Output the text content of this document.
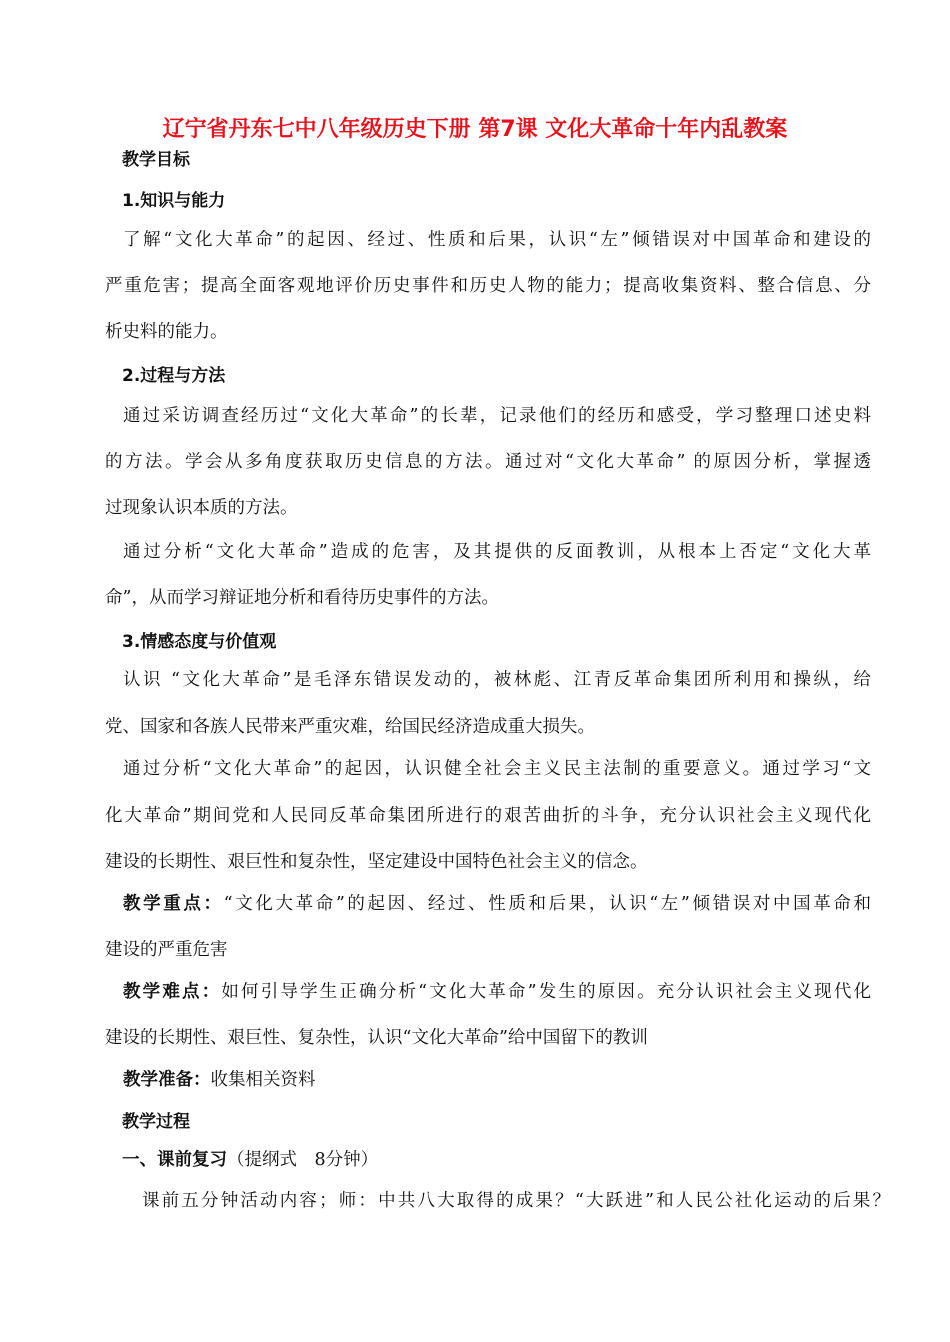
辽宁省丹东七中八年级历史下册 第7课 文化大革命十年内乱教案
教学目标
1.知识与能力
了解“文化大革命”的起因、经过、性质和后果，认识“左”倾错误对中国革命和建设的
严重危害；提高全面客观地评价历史事件和历史人物的能力；提高收集资料、整合信息、分
析史料的能力。
2.过程与方法
通过采访调查经历过“文化大革命”的长辈，记录他们的经历和感受，学习整理口述史料
的方法。学会从多角度获取历史信息的方法。通过对“文化大革命” 的原因分析，掌握透
过现象认识本质的方法。
通过分析“文化大革命”造成的危害，及其提供的反面教训，从根本上否定“文化大革
命”，从而学习辩证地分析和看待历史事件的方法。
3.情感态度与价值观
认识 “文化大革命”是毛泽东错误发动的，被林彪、江青反革命集团所利用和操纵，给
党、国家和各族人民带来严重灾难，给国民经济造成重大损失。
通过分析“文化大革命”的起因，认识健全社会主义民主法制的重要意义。通过学习“文
化大革命”期间党和人民同反革命集团所进行的艰苦曲折的斗争，充分认识社会主义现代化
建设的长期性、艰巨性和复杂性，坚定建设中国特色社会主义的信念。
教学重点：“文化大革命”的起因、经过、性质和后果，认识“左”倾错误对中国革命和
建设的严重危害
教学难点：如何引导学生正确分析“文化大革命”发生的原因。充分认识社会主义现代化
建设的长期性、艰巨性、复杂性，认识“文化大革命”给中国留下的教训
教学准备：收集相关资料
教学过程
一、课前复习（提纲式　8分钟）
课前五分钟活动内容；师：中共八大取得的成果？“大跃进”和人民公社化运动的后果？
